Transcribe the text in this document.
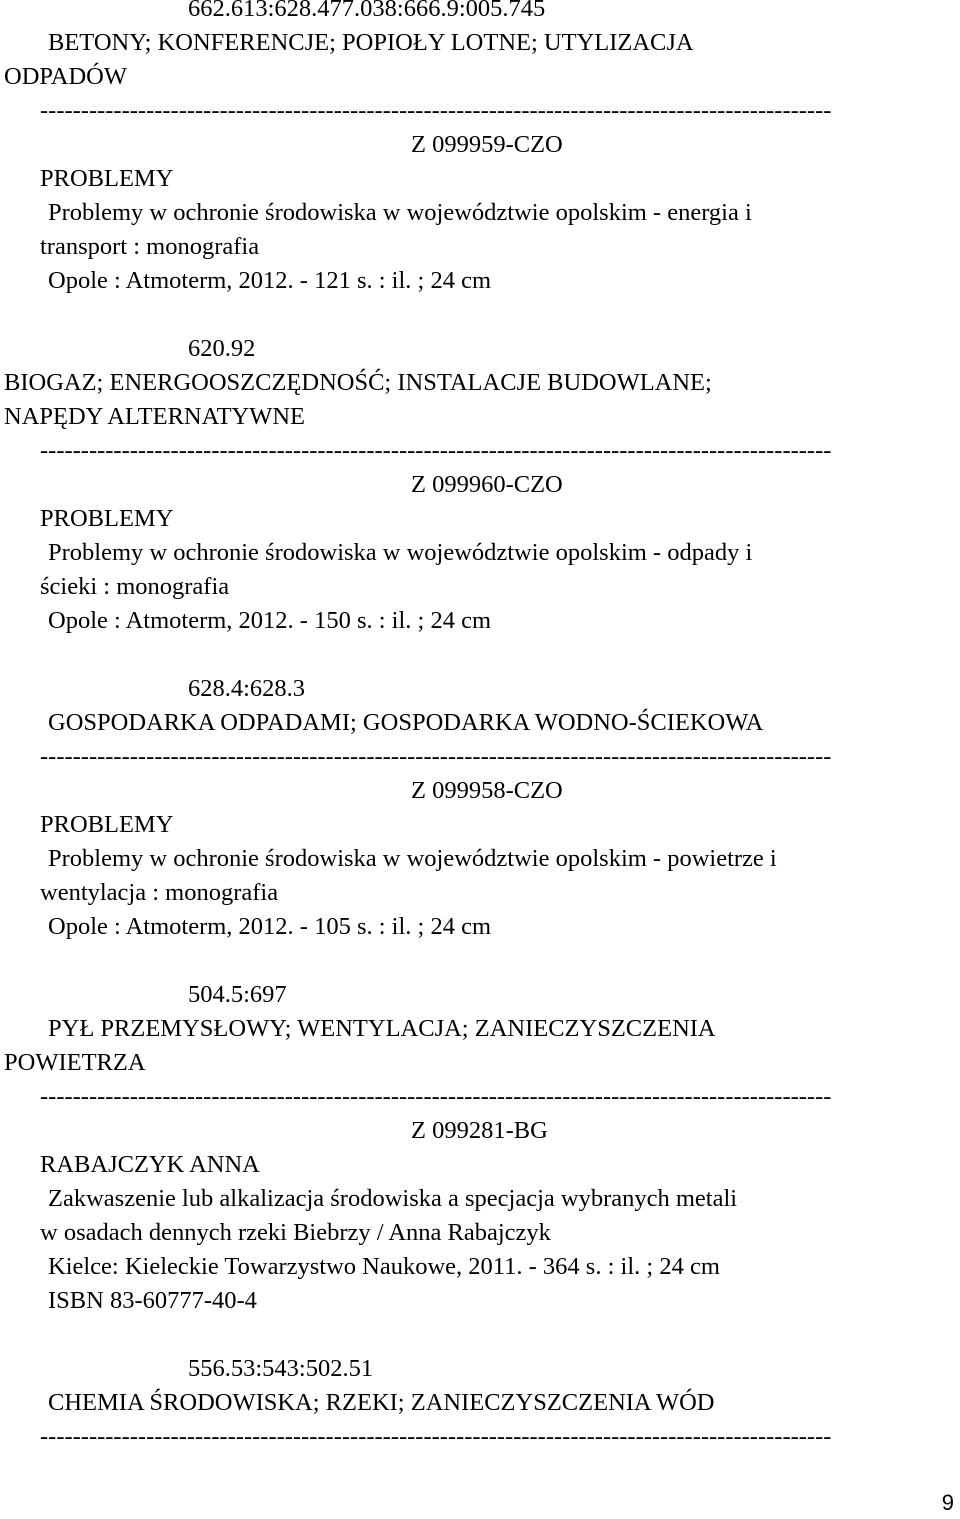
662.613:628.477.038:666.9:005.745
BETONY; KONFERENCJE; POPIOŁY LOTNE; UTYLIZACJA
ODPADÓW
-------------------------------------------------------------------------------------------------
Z 099959-CZO
PROBLEMY
Problemy w ochronie środowiska w województwie opolskim - energia i
transport : monografia
Opole : Atmoterm, 2012. - 121 s. : il. ; 24 cm
620.92
BIOGAZ; ENERGOOSZCZĘDNOŚĆ; INSTALACJE BUDOWLANE;
NAPĘDY ALTERNATYWNE
-------------------------------------------------------------------------------------------------
Z 099960-CZO
PROBLEMY
Problemy w ochronie środowiska w województwie opolskim - odpady i
ścieki : monografia
Opole : Atmoterm, 2012. - 150 s. : il. ; 24 cm
628.4:628.3
GOSPODARKA ODPADAMI; GOSPODARKA WODNO-ŚCIEKOWA
-------------------------------------------------------------------------------------------------
Z 099958-CZO
PROBLEMY
Problemy w ochronie środowiska w województwie opolskim - powietrze i
wentylacja : monografia
Opole : Atmoterm, 2012. - 105 s. : il. ; 24 cm
504.5:697
PYŁ PRZEMYSŁOWY; WENTYLACJA; ZANIECZYSZCZENIA
POWIETRZA
-------------------------------------------------------------------------------------------------
Z 099281-BG
RABAJCZYK ANNA
Zakwaszenie lub alkalizacja środowiska a specjacja wybranych metali
w osadach dennych rzeki Biebrzy / Anna Rabajczyk
Kielce: Kieleckie Towarzystwo Naukowe, 2011. - 364 s. : il. ; 24 cm
ISBN 83-60777-40-4
556.53:543:502.51
CHEMIA ŚRODOWISKA; RZEKI; ZANIECZYSZCZENIA WÓD
-------------------------------------------------------------------------------------------------
9
